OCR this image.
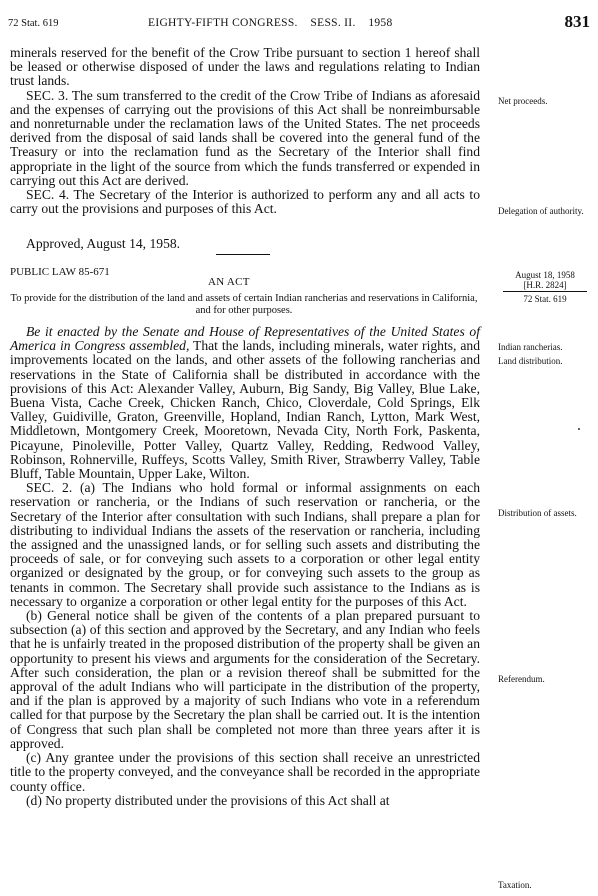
72 Stat. 619	EIGHTY-FIFTH CONGRESS.    SESS. II.    1958	831

minerals reserved for the benefit of the Crow Tribe pursuant to section 1 hereof shall be leased or otherwise disposed of under the laws and regulations relating to Indian trust lands.

SEC. 3. The sum transferred to the credit of the Crow Tribe of Indians as aforesaid and the expenses of carrying out the provisions of this Act shall be nonreimbursable and nonreturnable under the reclamation laws of the United States. The net proceeds derived from the disposal of said lands shall be covered into the general fund of the Treasury or into the reclamation fund as the Secretary of the Interior shall find appropriate in the light of the source from which the funds transferred or expended in carrying out this Act are derived.

SEC. 4. The Secretary of the Interior is authorized to perform any and all acts to carry out the provisions and purposes of this Act.

Approved, August 14, 1958.
Net proceeds.
Delegation of authority.
PUBLIC LAW 85-671
AN ACT
To provide for the distribution of the land and assets of certain Indian rancherias and reservations in California, and for other purposes.
August 18, 1958
[H.R. 2824]
72 Stat. 619

Be it enacted by the Senate and House of Representatives of the United States of America in Congress assembled, That the lands, including minerals, water rights, and improvements located on the lands, and other assets of the following rancherias and reservations in the State of California shall be distributed in accordance with the provisions of this Act: Alexander Valley, Auburn, Big Sandy, Big Valley, Blue Lake, Buena Vista, Cache Creek, Chicken Ranch, Chico, Cloverdale, Cold Springs, Elk Valley, Guidiville, Graton, Greenville, Hopland, Indian Ranch, Lytton, Mark West, Middletown, Montgomery Creek, Mooretown, Nevada City, North Fork, Paskenta, Picayune, Pinoleville, Potter Valley, Quartz Valley, Redding, Redwood Valley, Robinson, Rohnerville, Ruffeys, Scotts Valley, Smith River, Strawberry Valley, Table Bluff, Table Mountain, Upper Lake, Wilton.

SEC. 2. (a) The Indians who hold formal or informal assignments on each reservation or rancheria, or the Indians of such reservation or rancheria, or the Secretary of the Interior after consultation with such Indians, shall prepare a plan for distributing to individual Indians the assets of the reservation or rancheria, including the assigned and the unassigned lands, or for selling such assets and distributing the proceeds of sale, or for conveying such assets to a corporation or other legal entity organized or designated by the group, or for conveying such assets to the group as tenants in common. The Secretary shall provide such assistance to the Indians as is necessary to organize a corporation or other legal entity for the purposes of this Act.

(b) General notice shall be given of the contents of a plan prepared pursuant to subsection (a) of this section and approved by the Secretary, and any Indian who feels that he is unfairly treated in the proposed distribution of the property shall be given an opportunity to present his views and arguments for the consideration of the Secretary. After such consideration, the plan or a revision thereof shall be submitted for the approval of the adult Indians who will participate in the distribution of the property, and if the plan is approved by a majority of such Indians who vote in a referendum called for that purpose by the Secretary the plan shall be carried out. It is the intention of Congress that such plan shall be completed not more than three years after it is approved.

(c) Any grantee under the provisions of this section shall receive an unrestricted title to the property conveyed, and the conveyance shall be recorded in the appropriate county office.

(d) No property distributed under the provisions of this Act shall at

Indian rancherias.
Land distribution.
Distribution of assets.
Referendum.
Taxation.
